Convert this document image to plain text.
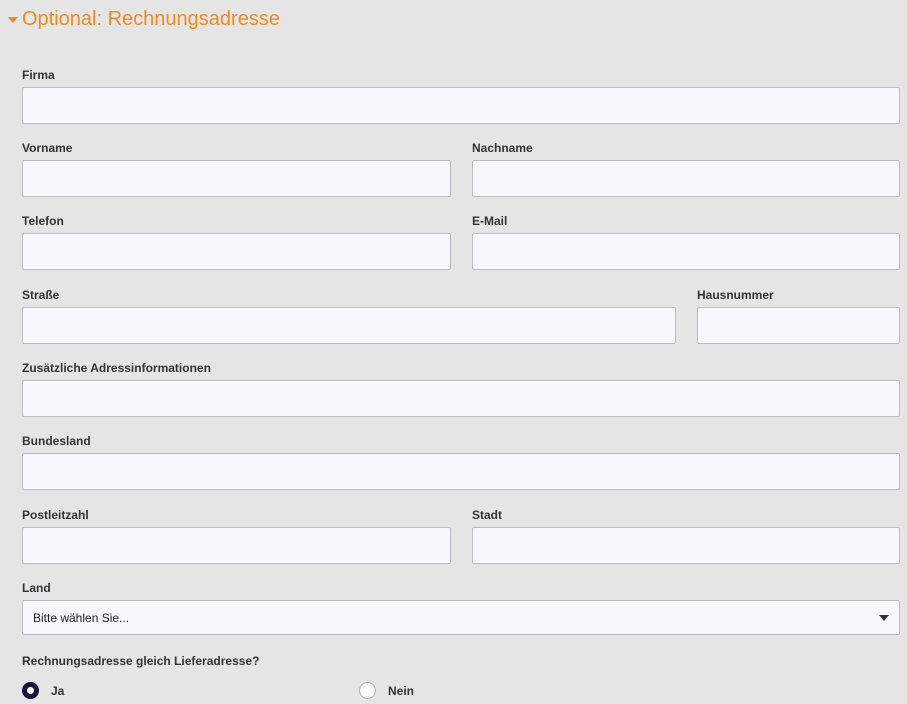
Optional: Rechnungsadresse
Firma
Vorname	Nachname
Telefon	E-Mail
Straße	Hausnummer
Zusätzliche Adressinformationen
Bundesland
Postleitzahl	Stadt
Land
Bitte wählen Sie...
Rechnungsadresse gleich Lieferadresse?
Ja	Nein
